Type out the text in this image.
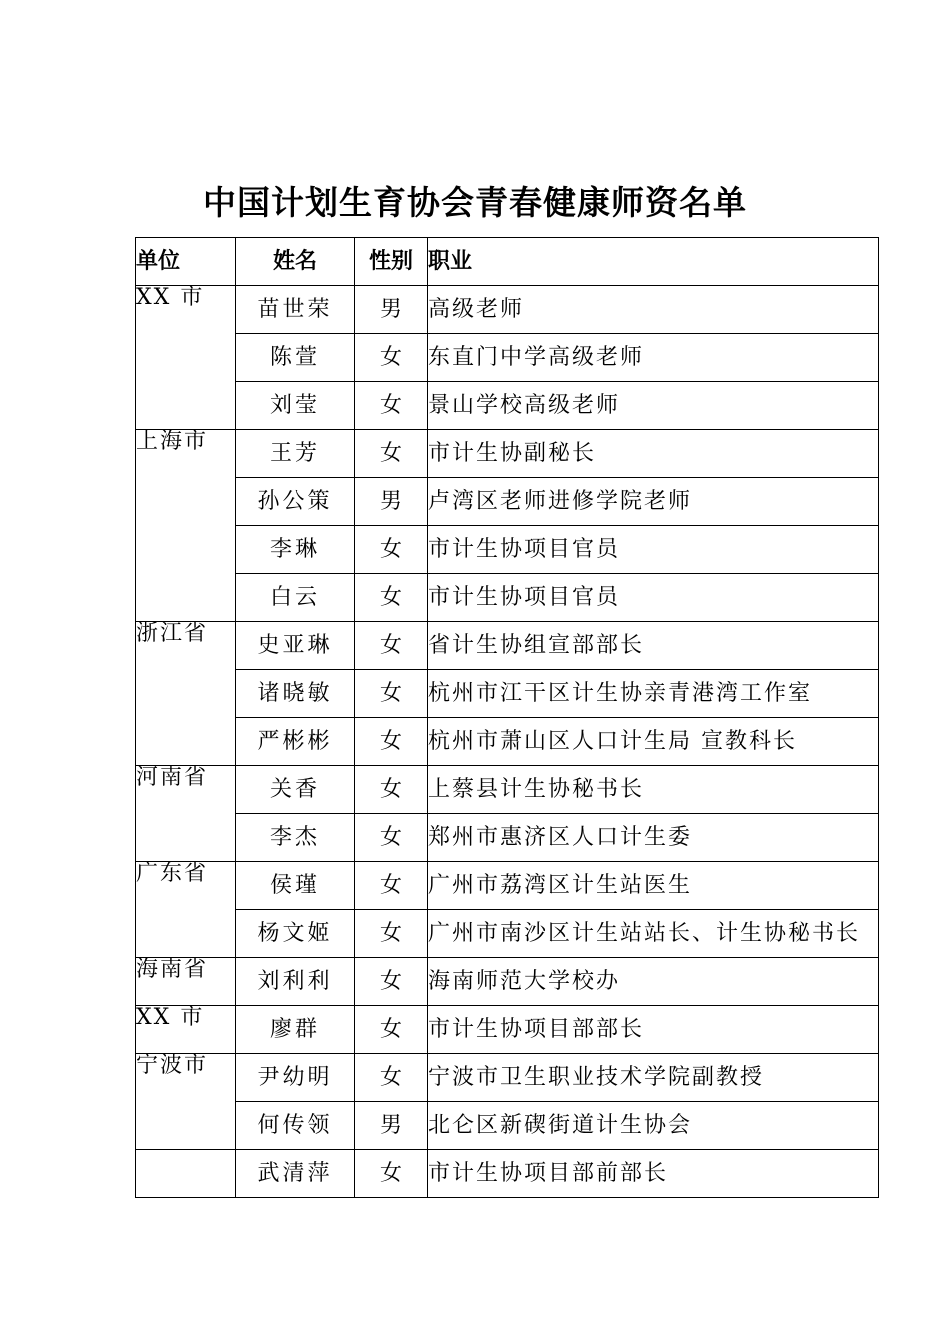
中国计划生育协会青春健康师资名单
单位	姓名	性别	职业
XX 市	苗世荣	男	高级老师
	陈萱	女	东直门中学高级老师
	刘莹	女	景山学校高级老师
上海市	王芳	女	市计生协副秘长
	孙公策	男	卢湾区老师进修学院老师
	李琳	女	市计生协项目官员
	白云	女	市计生协项目官员
浙江省	史亚琳	女	省计生协组宣部部长
	诸晓敏	女	杭州市江干区计生协亲青港湾工作室
	严彬彬	女	杭州市萧山区人口计生局 宣教科长
河南省	关香	女	上蔡县计生协秘书长
	李杰	女	郑州市惠济区人口计生委
广东省	侯瑾	女	广州市荔湾区计生站医生
	杨文姬	女	广州市南沙区计生站站长、计生协秘书长
海南省	刘利利	女	海南师范大学校办
XX 市	廖群	女	市计生协项目部部长
宁波市	尹幼明	女	宁波市卫生职业技术学院副教授
	何传领	男	北仑区新碶街道计生协会
	武清萍	女	市计生协项目部前部长
